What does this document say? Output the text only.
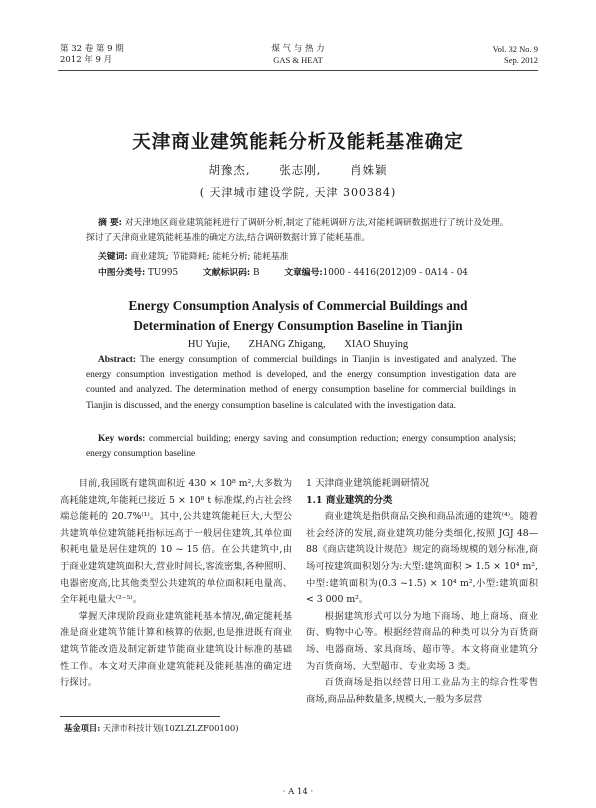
第 32 卷 第 9 期
2012 年 9 月
煤 气 与 热 力
GAS & HEAT
Vol. 32 No. 9
Sep. 2012
天津商业建筑能耗分析及能耗基准确定
胡豫杰, 张志刚, 肖姝颖
( 天津城市建设学院, 天津 300384)
摘 要: 对天津地区商业建筑能耗进行了调研分析,制定了能耗调研方法,对能耗调研数据进行了统计及处理。探讨了天津商业建筑能耗基准的确定方法,结合调研数据计算了能耗基准。
关键词: 商业建筑; 节能降耗; 能耗分析; 能耗基准
中图分类号: TU995	文献标识码: B	文章编号:1000 - 4416(2012)09 - 0A14 - 04
Energy Consumption Analysis of Commercial Buildings and
Determination of Energy Consumption Baseline in Tianjin
HU Yujie, ZHANG Zhigang, XIAO Shuying
Abstract: The energy consumption of commercial buildings in Tianjin is investigated and analyzed. The energy consumption investigation method is developed, and the energy consumption investigation data are counted and analyzed. The determination method of energy consumption baseline for commercial buildings in Tianjin is discussed, and the energy consumption baseline is calculated with the investigation data.
Key words: commercial building; energy saving and consumption reduction; energy consumption analysis; energy consumption baseline

目前,我国既有建筑面积近 430 × 10⁸ m²,大多数为高耗能建筑,年能耗已接近 5 × 10⁸ t 标准煤,约占社会终端总能耗的 20.7%⁽¹⁾。其中,公共建筑能耗巨大,大型公共建筑单位建筑能耗指标远高于一般居住建筑,其单位面积耗电量是居住建筑的 10 ~ 15 倍。在公共建筑中,由于商业建筑建筑面积大,营业时间长,客流密集,各种照明、电器密度高,比其他类型公共建筑的单位面积耗电量高、全年耗电量大⁽²⁻⁵⁾。

掌握天津现阶段商业建筑能耗基本情况,确定能耗基准是商业建筑节能计算和核算的依据,也是推进既有商业建筑节能改造及制定新建节能商业建筑设计标准的基础性工作。本文对天津商业建筑能耗及能耗基准的确定进行探讨。

1 天津商业建筑能耗调研情况
1.1 商业建筑的分类

商业建筑是指供商品交换和商品流通的建筑⁽⁴⁾。随着社会经济的发展,商业建筑功能分类细化,按照 JGJ 48—88《商店建筑设计规范》规定的商场规模的划分标准,商场可按建筑面积划分为:大型:建筑面积 > 1.5 × 10⁴ m²,中型:建筑面积为(0.3 ~1.5) × 10⁴ m²,小型:建筑面积 < 3 000 m²。

根据建筑形式可以分为地下商场、地上商场、商业街、购物中心等。根据经营商品的种类可以分为百货商场、电器商场、家具商场、超市等。本文将商业建筑分为百货商场、大型超市、专业卖场 3 类。

百货商场是指以经营日用工业品为主的综合性零售商场,商品品种数量多,规模大,一般为多层营

基金项目: 天津市科技计划(10ZLZLZF00100)
· A 14 ·
